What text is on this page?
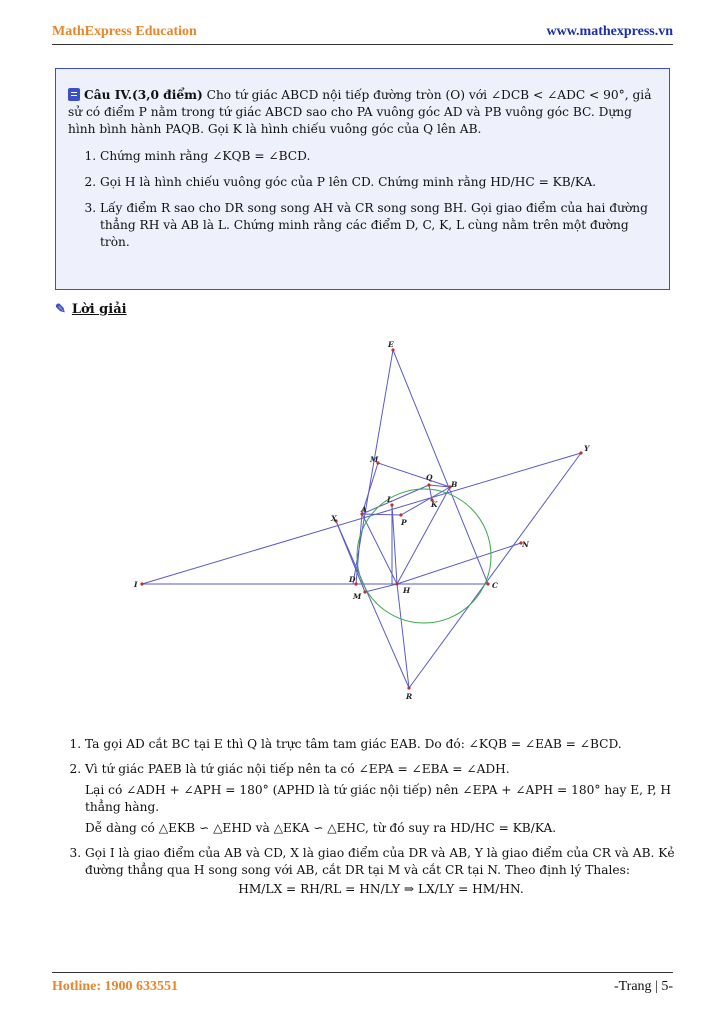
MathExpress Education	www.mathexpress.vn

Câu IV.(3,0 điểm) Cho tứ giác ABCD nội tiếp đường tròn (O) với ∠DCB < ∠ADC < 90°, giả sử có điểm P nằm trong tứ giác ABCD sao cho PA vuông góc AD và PB vuông góc BC. Dựng hình bình hành PAQB. Gọi K là hình chiếu vuông góc của Q lên AB.

1. Chứng minh rằng ∠KQB = ∠BCD.
2. Gọi H là hình chiếu vuông góc của P lên CD. Chứng minh rằng HD/HC = KB/KA.
3. Lấy điểm R sao cho DR song song AH và CR song song BH. Gọi giao điểm của hai đường thẳng RH và AB là L. Chứng minh rằng các điểm D, C, K, L cùng nằm trên một đường tròn.
✎ Lời giải
E
Y
M
Q
B
L
K
A
P
X
N
I
D
C
H
M
R
1. Ta gọi AD cắt BC tại E thì Q là trực tâm tam giác EAB. Do đó: ∠KQB = ∠EAB = ∠BCD.
2. Vì tứ giác PAEB là tứ giác nội tiếp nên ta có ∠EPA = ∠EBA = ∠ADH.

Lại có ∠ADH + ∠APH = 180° (APHD là tứ giác nội tiếp) nên ∠EPA + ∠APH = 180° hay E, P, H thẳng hàng.

Dễ dàng có △EKB ∽ △EHD và △EKA ∽ △EHC, từ đó suy ra HD/HC = KB/KA.

3. Gọi I là giao điểm của AB và CD, X là giao điểm của DR và AB, Y là giao điểm của CR và AB. Kẻ đường thẳng qua H song song với AB, cắt DR tại M và cắt CR tại N. Theo định lý Thales:
HM/LX = RH/RL = HN/LY ⇒ LX/LY = HM/HN.
Hotline: 1900 633551	-Trang | 5-
